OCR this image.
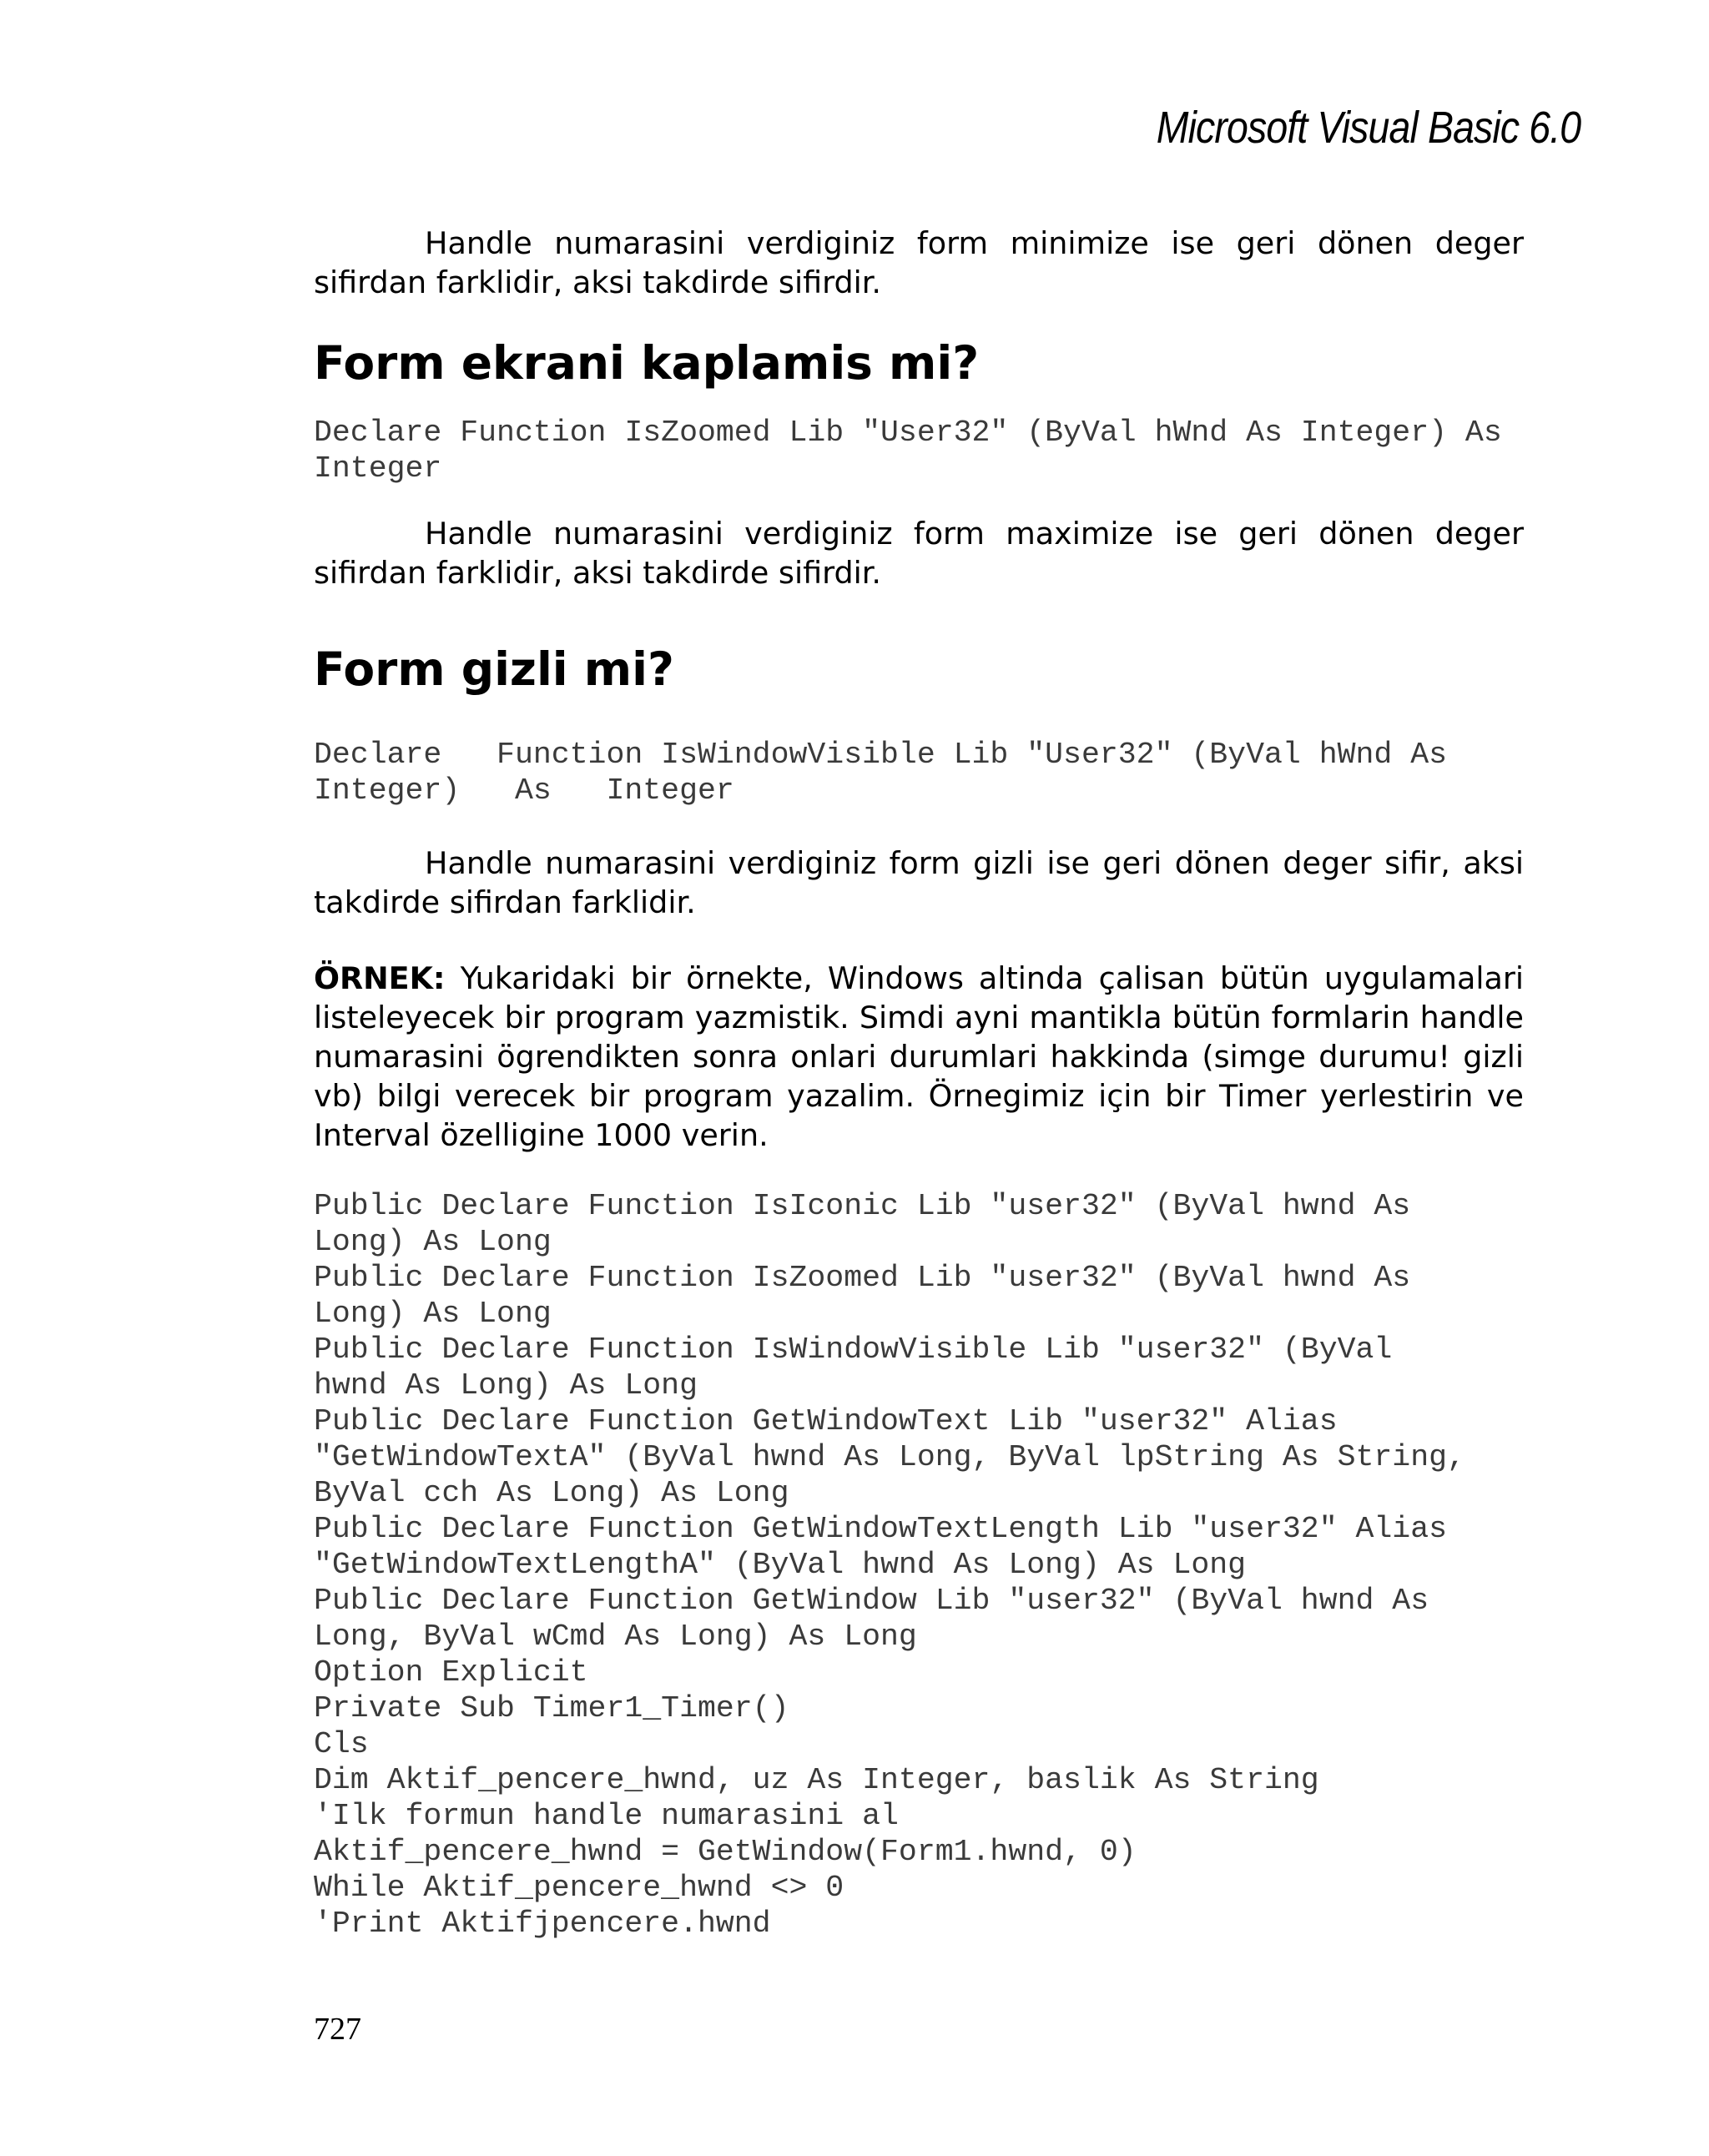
Microsoft Visual Basic 6.0

Handle numarasini verdiginiz form minimize ise geri dönen deger sifirdan farklidir, aksi takdirde sifirdir.

Form ekrani kaplamis mi?
Declare Function IsZoomed Lib "User32" (ByVal hWnd As Integer) As
Integer

Handle numarasini verdiginiz form maximize ise geri dönen deger sifirdan farklidir, aksi takdirde sifirdir.

Form gizli mi?
Declare   Function IsWindowVisible Lib "User32" (ByVal hWnd As
Integer)   As   Integer

Handle numarasini verdiginiz form gizli ise geri dönen deger sifir, aksi takdirde sifirdan farklidir.

ÖRNEK: Yukaridaki bir örnekte, Windows altinda çalisan bütün uygulamalari listeleyecek bir program yazmistik. Simdi ayni mantikla bütün formlarin handle numarasini ögrendikten sonra onlari durumlari hakkinda (simge durumu! gizli vb) bilgi verecek bir program yazalim. Örnegimiz için bir Timer yerlestirin ve Interval özelligine 1000 verin.

Public Declare Function IsIconic Lib "user32" (ByVal hwnd As
Long) As Long
Public Declare Function IsZoomed Lib "user32" (ByVal hwnd As
Long) As Long
Public Declare Function IsWindowVisible Lib "user32" (ByVal
hwnd As Long) As Long
Public Declare Function GetWindowText Lib "user32" Alias
"GetWindowTextA" (ByVal hwnd As Long, ByVal lpString As String,
ByVal cch As Long) As Long
Public Declare Function GetWindowTextLength Lib "user32" Alias
"GetWindowTextLengthA" (ByVal hwnd As Long) As Long
Public Declare Function GetWindow Lib "user32" (ByVal hwnd As
Long, ByVal wCmd As Long) As Long
Option Explicit
Private Sub Timer1_Timer()
Cls
Dim Aktif_pencere_hwnd, uz As Integer, baslik As String
'Ilk formun handle numarasini al
Aktif_pencere_hwnd = GetWindow(Form1.hwnd, 0)
While Aktif_pencere_hwnd <> 0
'Print Aktifjpencere.hwnd
727
